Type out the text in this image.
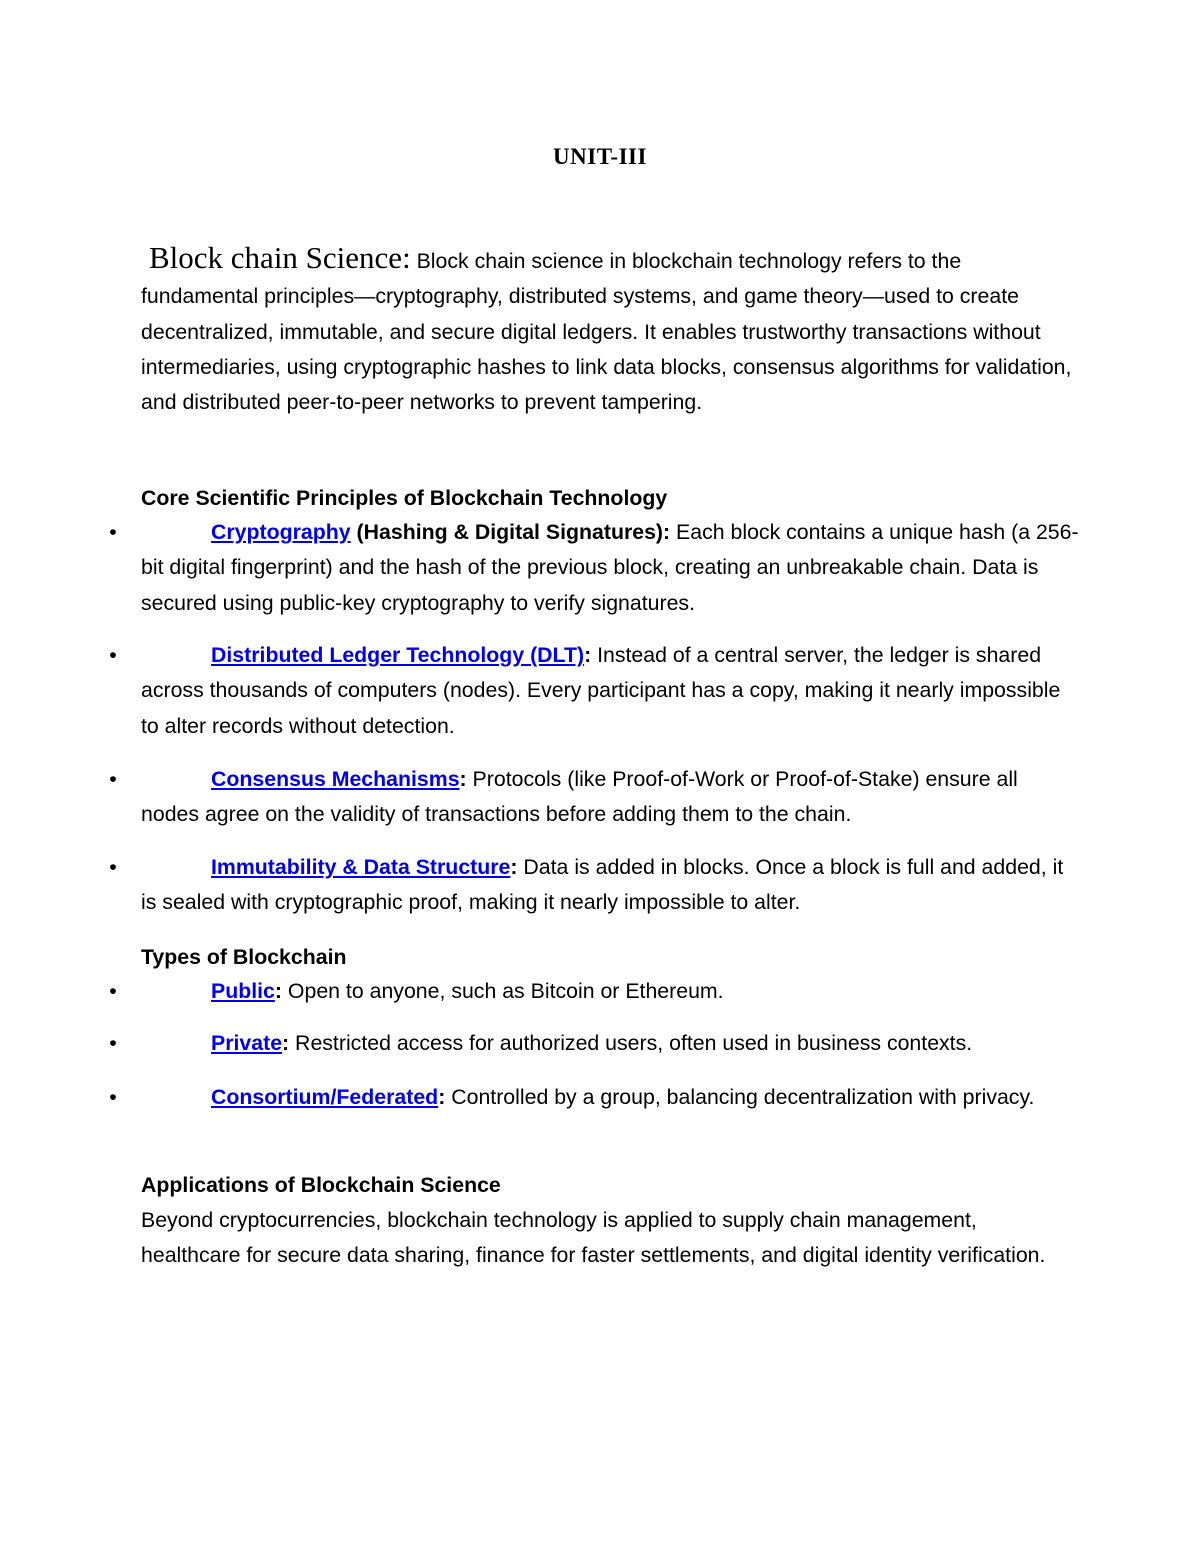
UNIT-III
Block chain Science: Block chain science in blockchain technology refers to the fundamental principles—cryptography, distributed systems, and game theory—used to create decentralized, immutable, and secure digital ledgers. It enables trustworthy transactions without intermediaries, using cryptographic hashes to link data blocks, consensus algorithms for validation, and distributed peer-to-peer networks to prevent tampering.
Core Scientific Principles of Blockchain Technology
•	Cryptography (Hashing & Digital Signatures): Each block contains a unique hash (a 256-bit digital fingerprint) and the hash of the previous block, creating an unbreakable chain. Data is secured using public-key cryptography to verify signatures.
•	Distributed Ledger Technology (DLT): Instead of a central server, the ledger is shared across thousands of computers (nodes). Every participant has a copy, making it nearly impossible to alter records without detection.
•	Consensus Mechanisms: Protocols (like Proof-of-Work or Proof-of-Stake) ensure all nodes agree on the validity of transactions before adding them to the chain.
•	Immutability & Data Structure: Data is added in blocks. Once a block is full and added, it is sealed with cryptographic proof, making it nearly impossible to alter.
Types of Blockchain
•	Public: Open to anyone, such as Bitcoin or Ethereum.
•	Private: Restricted access for authorized users, often used in business contexts.
•	Consortium/Federated: Controlled by a group, balancing decentralization with privacy.
Applications of Blockchain Science
Beyond cryptocurrencies, blockchain technology is applied to supply chain management, healthcare for secure data sharing, finance for faster settlements, and digital identity verification.
